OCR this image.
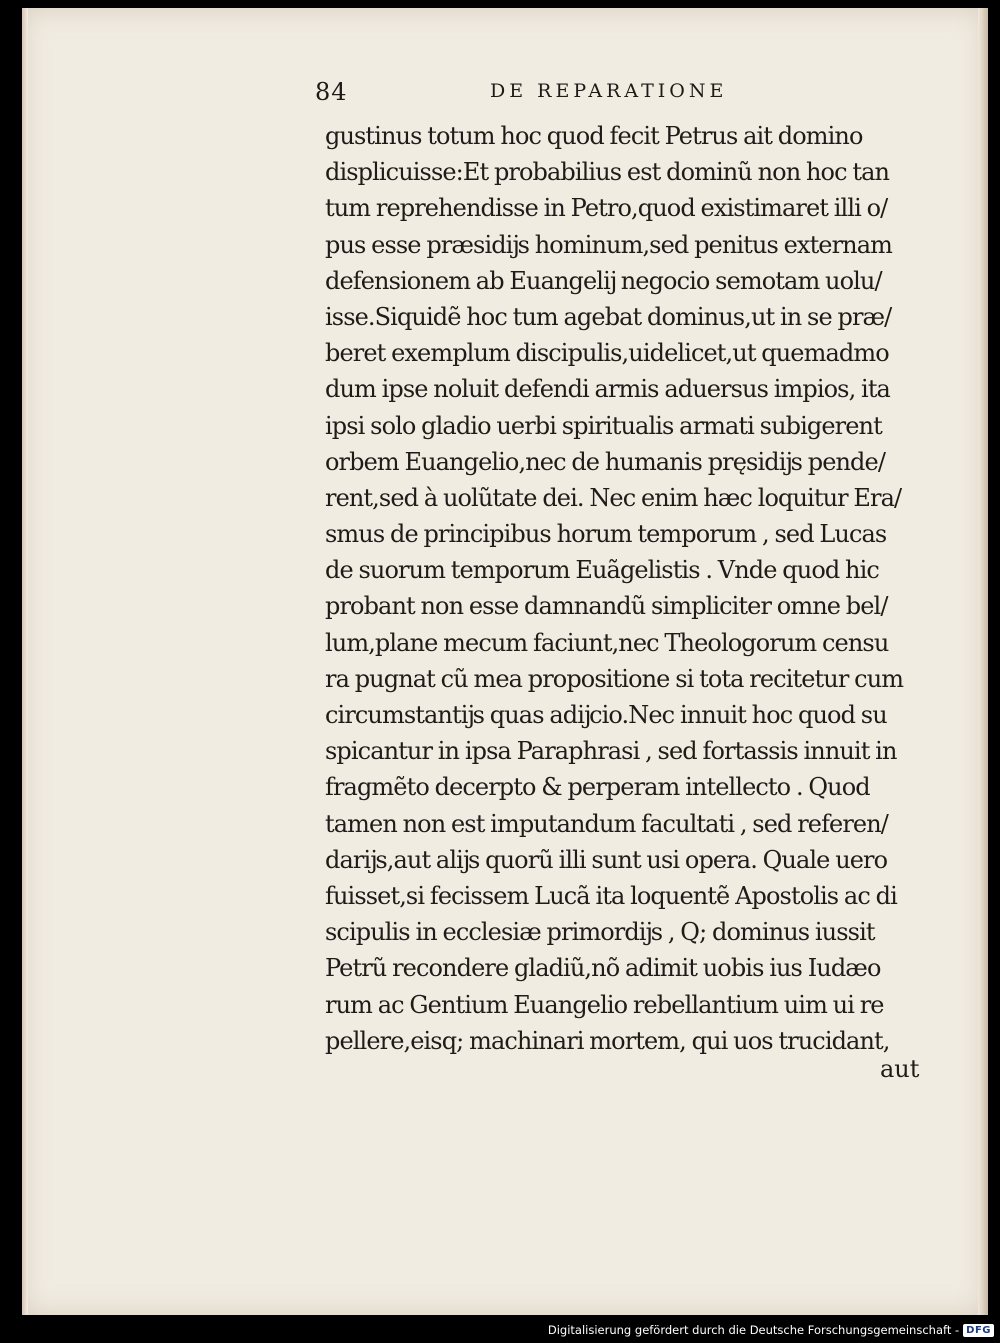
84	DE REPARATIONE
gustinus totum hoc quod fecit Petrus ait domino
displicuisse:Et probabilius est dominũ non hoc tan
tum reprehendisse in Petro,quod existimaret illi o/
pus esse præsidĳs hominum,sed penitus externam
defensionem ab Euangelĳ negocio semotam uolu/
isse.Siquidẽ hoc tum agebat dominus,ut in se præ/
beret exemplum discipulis,uidelicet,ut quemadmo
dum ipse noluit defendi armis aduersus impios, ita
ipsi solo gladio uerbi spiritualis armati subigerent
orbem Euangelio,nec de humanis pręsidĳs pende/
rent,sed à uolũtate dei. Nec enim hæc loquitur Era/
smus de principibus horum temporum , sed Lucas
de suorum temporum Euãgelistis . Vnde quod hic
probant non esse damnandũ simpliciter omne bel/
lum,plane mecum faciunt,nec Theologorum censu
ra pugnat cũ mea propositione si tota recitetur cum
circumstantĳs quas adĳcio.Nec innuit hoc quod su
spicantur in ipsa Paraphrasi , sed fortassis innuit in
fragmẽto decerpto & perperam intellecto . Quod
tamen non est imputandum facultati , sed referen/
darĳs,aut alĳs quorũ illi sunt usi opera. Quale uero
fuisset,si fecissem Lucã ita loquentẽ Apostolis ac di
scipulis in ecclesiæ primordĳs , Q; dominus iussit
Petrũ recondere gladiũ,nõ adimit uobis ius Iudæo
rum ac Gentium Euangelio rebellantium uim ui re
pellere,eisq; machinari mortem, qui uos trucidant,
aut
Digitalisierung gefördert durch die Deutsche Forschungsgemeinschaft - DFG
